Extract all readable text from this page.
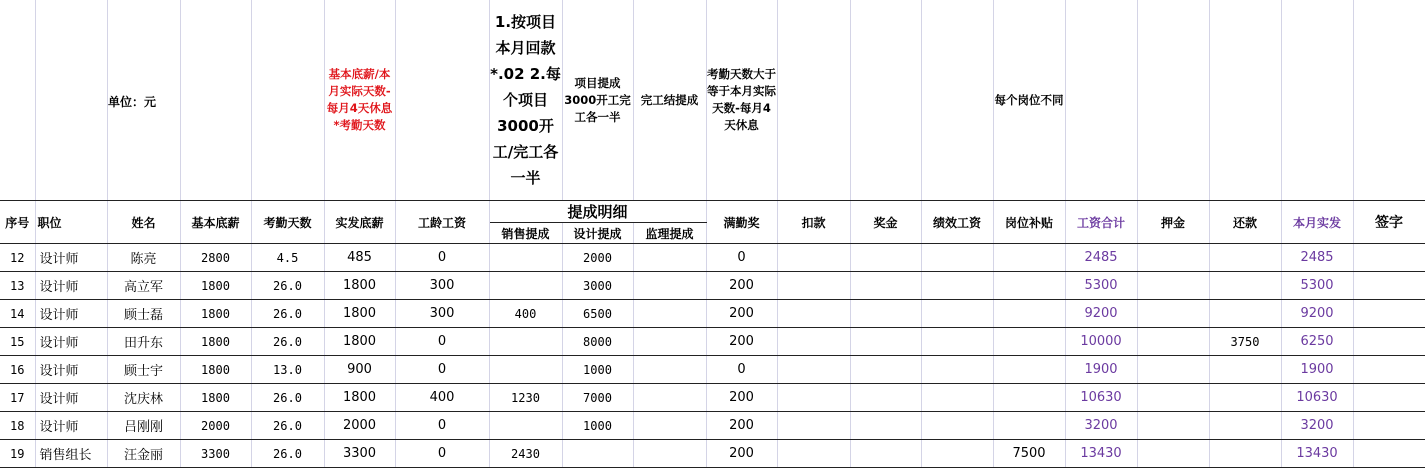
					基本底薪/本月实际天数-每月4天休息*考勤天数		1.按项目本月回款*.02 2.每个项目3000开工/完工各一半	项目提成3000开工完工各一半	完工结提成	考勤天数大于等于本月实际天数-每月4天休息				每个岗位不同						
序号	职位	姓名	基本底薪	考勤天数	实发底薪	工龄工资	提成明细			满勤奖	扣款	奖金	绩效工资	岗位补贴	工资合计	押金	还款	本月实发	签字	
							销售提成	设计提成	监理提成											
12	设计师	陈亮	2800	4.5	485	0		2000		0					2485			2485		
13	设计师	高立军	1800	26.0	1800	300		3000		200					5300			5300		
14	设计师	顾士磊	1800	26.0	1800	300	400	6500		200					9200			9200		
15	设计师	田升东	1800	26.0	1800	0		8000		200					10000		3750	6250		
16	设计师	顾士宇	1800	13.0	900	0		1000		0					1900			1900		
17	设计师	沈庆林	1800	26.0	1800	400	1230	7000		200					10630			10630		
18	设计师	吕刚刚	2000	26.0	2000	0		1000		200					3200			3200		
19	销售组长	汪金丽	3300	26.0	3300	0	2430			200				7500	13430			13430		
单位：元
